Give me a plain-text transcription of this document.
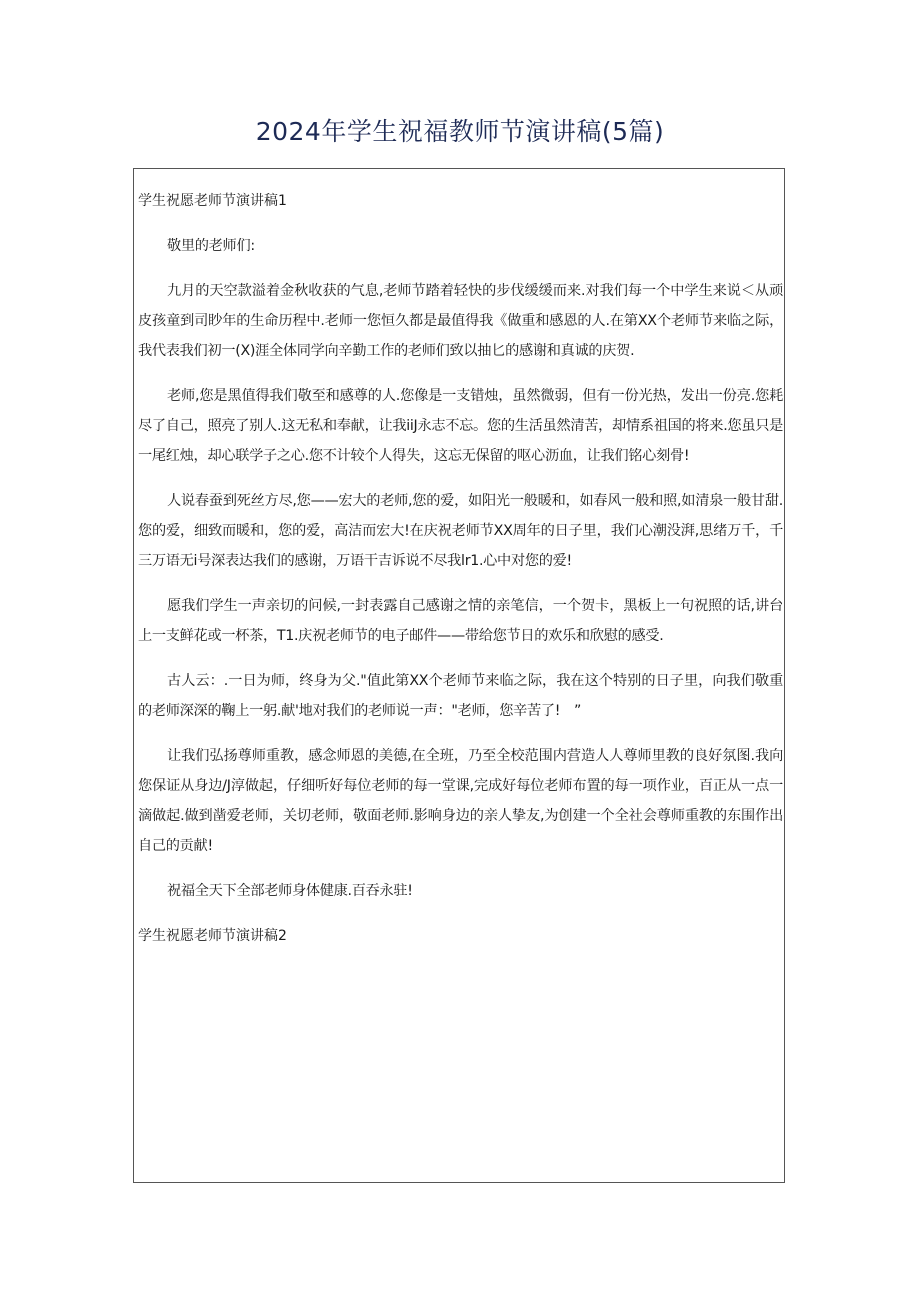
2024年学生祝福教师节演讲稿(5篇)

学生祝愿老师节演讲稿1

敬里的老师们:

九月的天空款溢着金秋收获的气息,老师节踏着轻快的步伐缓缓而来.对我们每一个中学生来说＜从顽皮孩童到司眇年的生命历程中.老师一您恒久都是最值得我《做重和感恩的人.在第XX个老师节来临之际，我代表我们初一(X)涯全体同学向辛勤工作的老师们致以抽匕的感谢和真诚的庆贺.

老师,您是黑值得我们敬至和感尊的人.您像是一支错烛，虽然微弱，但有一份光热，发出一份亮.您耗尽了自己，照亮了别人.这无私和奉献，让我iiJ永志不忘。您的生活虽然清苦，却情系祖国的将来.您虽只是一尾红烛，却心联学子之心.您不计较个人得失，这忘无保留的呕心沥血，让我们铭心刻骨!

人说春蚕到死丝方尽,您——宏大的老师,您的爱，如阳光一般暖和，如春风一般和照,如清泉一般甘甜.您的爱，细致而暖和，您的爱，高洁而宏大!在庆祝老师节XX周年的日子里，我们心潮没湃,思绪万千，千三万语无i号深表达我们的感谢，万语干吉诉说不尽我lr1.心中对您的爱!

愿我们学生一声亲切的问候,一封表露自己感谢之情的亲笔信，一个贺卡，黑板上一句祝照的话,讲台上一支鲜花或一杯茶，T1.庆祝老师节的电子邮件——带给您节日的欢乐和欣慰的感受.

古人云：.一日为师，终身为父."值此第XX个老师节来临之际，我在这个特别的日子里，向我们敬重的老师深深的鞠上一躬.献'地对我们的老师说一声："老师，您辛苦了!　”

让我们弘扬尊师重教，感念师恩的美德,在全班，乃至全校范围内营造人人尊师里教的良好氛图.我向您保证从身边/J淳做起，仔细听好每位老师的每一堂课,完成好每位老师布置的每一项作业，百正从一点一滴做起.做到凿爱老师，关切老师，敬面老师.影响身边的亲人挚友,为创建一个全社会尊师重教的东围作出自己的贡献!

祝福全天下全部老师身体健康.百吞永驻!

学生祝愿老师节演讲稿2
